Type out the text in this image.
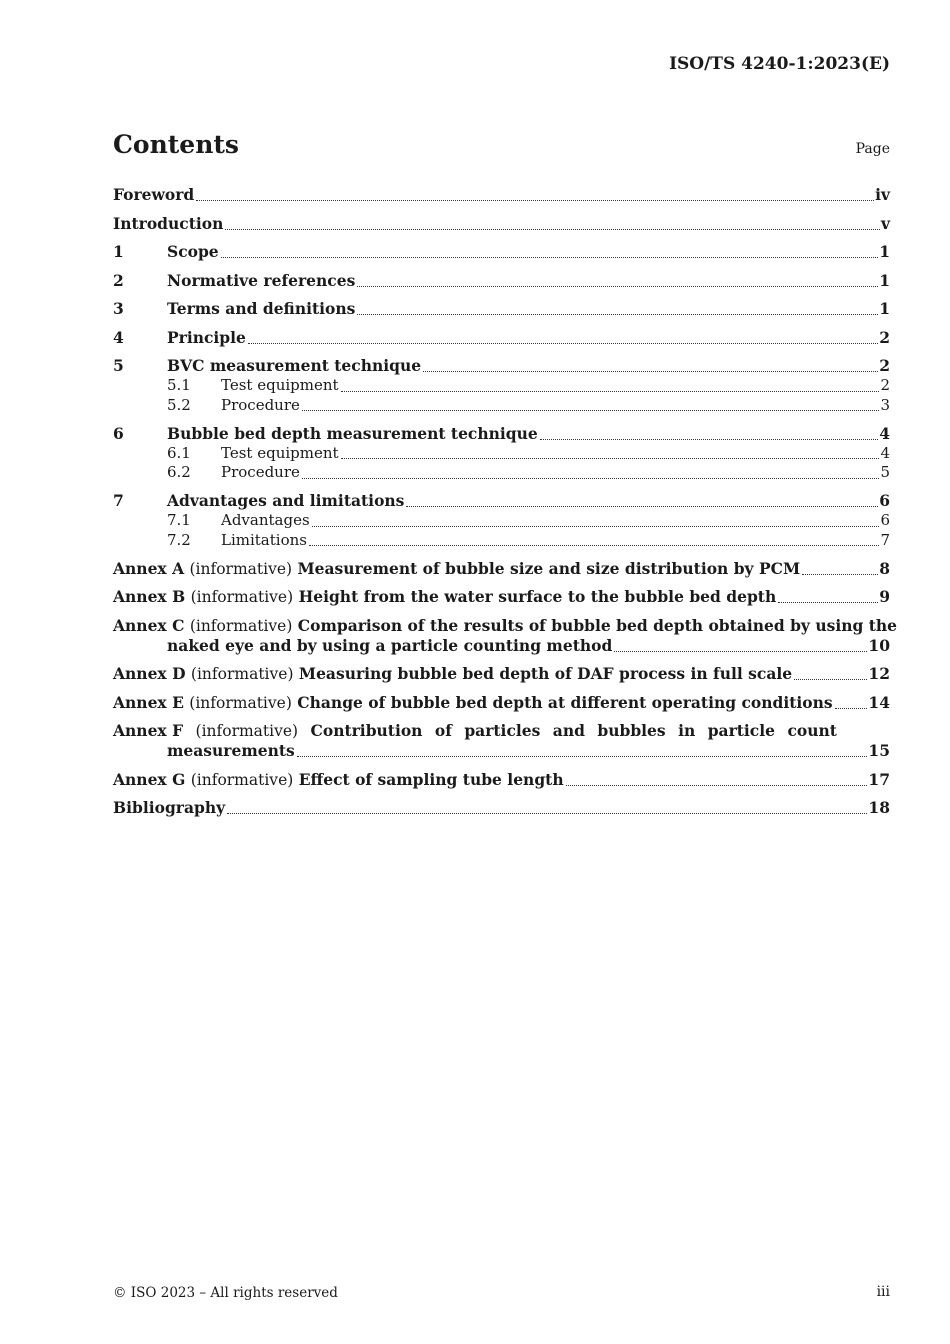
ISO/TS 4240-1:2023(E)
Contents	Page
Foreword	iv
Introduction	v
1	Scope	1
2	Normative references	1
3	Terms and definitions	1
4	Principle	2
5	BVC measurement technique	2
5.1	Test equipment	2
5.2	Procedure	3
6	Bubble bed depth measurement technique	4
6.1	Test equipment	4
6.2	Procedure	5
7	Advantages and limitations	6
7.1	Advantages	6
7.2	Limitations	7
Annex A (informative) Measurement of bubble size and size distribution by PCM	8
Annex B (informative) Height from the water surface to the bubble bed depth	9
Annex C (informative) Comparison of the results of bubble bed depth obtained by using the
naked eye and by using a particle counting method	10
Annex D (informative) Measuring bubble bed depth of DAF process in full scale	12
Annex E (informative) Change of bubble bed depth at different operating conditions 14
Annex F (informative) Contribution of particles and bubbles in particle count
measurements	15
Annex G (informative) Effect of sampling tube length	17
Bibliography	18
© ISO 2023 – All rights reserved	iii
